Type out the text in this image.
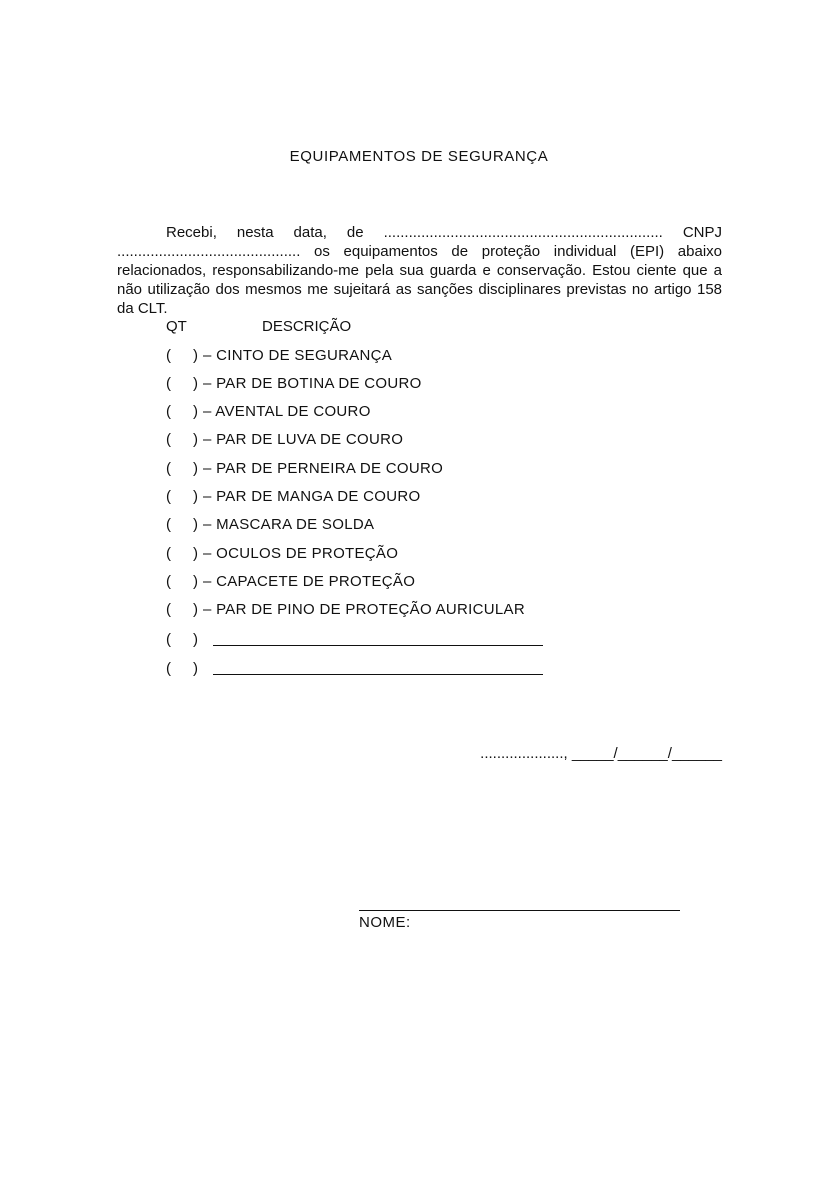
EQUIPAMENTOS DE SEGURANÇA

Recebi, nesta data, de ................................................................... CNPJ ............................................ os equipamentos de proteção individual (EPI) abaixo relacionados, responsabilizando-me pela sua guarda e conservação. Estou ciente que a não utilização dos mesmos me sujeitará as sanções disciplinares previstas no artigo 158 da CLT.

QT	DESCRIÇÃO
( ) – CINTO DE SEGURANÇA
( ) – PAR DE BOTINA DE COURO
( ) – AVENTAL DE COURO
( ) – PAR DE LUVA DE COURO
( ) – PAR DE PERNEIRA DE COURO
( ) – PAR DE MANGA DE COURO
( ) – MASCARA DE SOLDA
( ) – OCULOS DE PROTEÇÃO
( ) – CAPACETE DE PROTEÇÃO
( ) – PAR DE PINO DE PROTEÇÃO AURICULAR
( )
( )
...................., _____/______/______
NOME:
